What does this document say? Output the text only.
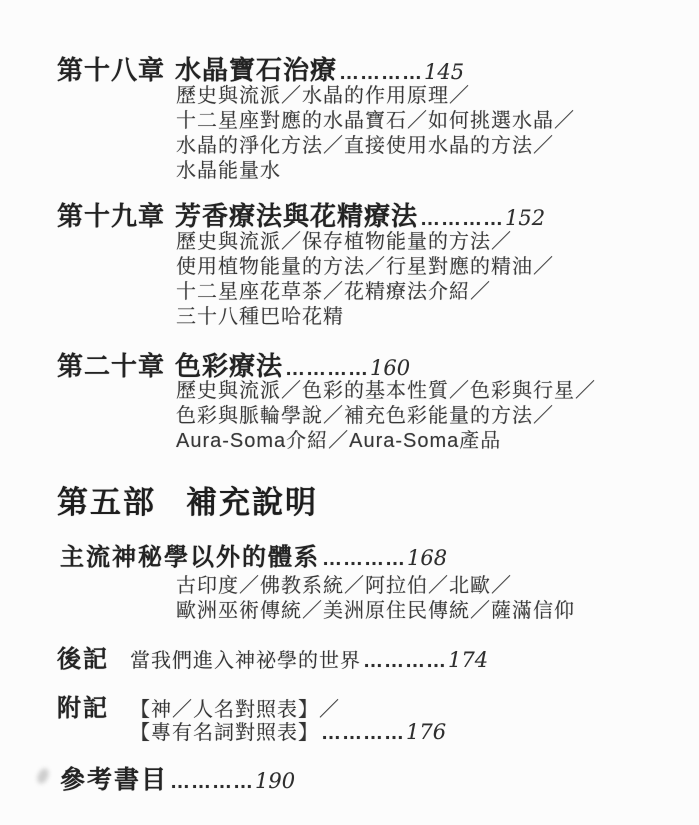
第十八章 水晶寶石治療 ………… 145
歷史與流派／水晶的作用原理／
十二星座對應的水晶寶石／如何挑選水晶／
水晶的淨化方法／直接使用水晶的方法／
水晶能量水
第十九章 芳香療法與花精療法 ………… 152
歷史與流派／保存植物能量的方法／
使用植物能量的方法／行星對應的精油／
十二星座花草茶／花精療法介紹／
三十八種巴哈花精
第二十章 色彩療法 ………… 160
歷史與流派／色彩的基本性質／色彩與行星／
色彩與脈輪學說／補充色彩能量的方法／
Aura-Soma介紹／Aura-Soma產品
第五部 補充說明
主流神秘學以外的體系 ………… 168
古印度／佛教系統／阿拉伯／北歐／
歐洲巫術傳統／美洲原住民傳統／薩滿信仰
後記	當我們進入神祕學的世界 ………… 174
附記	【神／人名對照表】／
【專有名詞對照表】 ………… 176
參考書目 ………… 190
